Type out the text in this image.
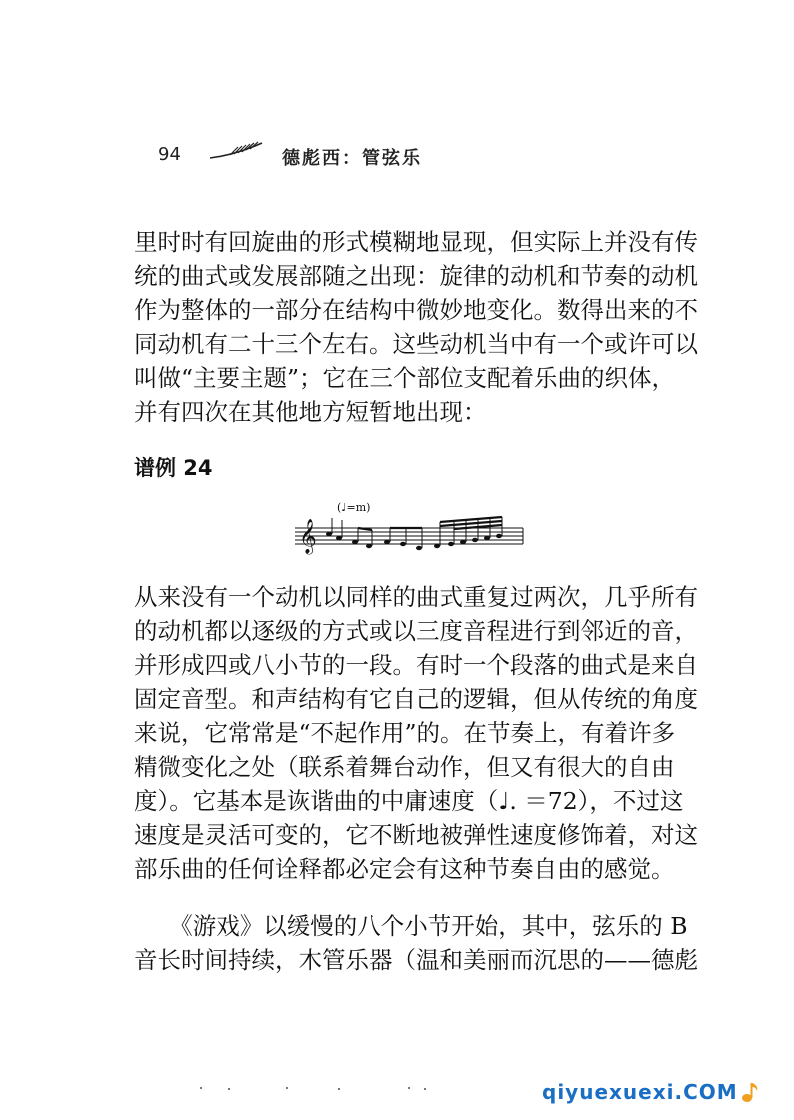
94	德彪西：管弦乐
里时时有回旋曲的形式模糊地显现，但实际上并没有传
统的曲式或发展部随之出现：旋律的动机和节奏的动机
作为整体的一部分在结构中微妙地变化。数得出来的不
同动机有二十三个左右。这些动机当中有一个或许可以
叫做“主要主题”；它在三个部位支配着乐曲的织体，
并有四次在其他地方短暂地出现：
谱例 24
(♩=m)
𝄞
从来没有一个动机以同样的曲式重复过两次，几乎所有
的动机都以逐级的方式或以三度音程进行到邻近的音，
并形成四或八小节的一段。有时一个段落的曲式是来自
固定音型。和声结构有它自己的逻辑，但从传统的角度
来说，它常常是“不起作用”的。在节奏上，有着许多
精微变化之处（联系着舞台动作，但又有很大的自由
度）。它基本是诙谐曲的中庸速度（♩. ＝72），不过这
速度是灵活可变的，它不断地被弹性速度修饰着，对这
部乐曲的任何诠释都必定会有这种节奏自由的感觉。
　　《游戏》以缓慢的八个小节开始，其中，弦乐的 B
音长时间持续，木管乐器（温和美丽而沉思的——德彪
qiyuexuexi.COM
